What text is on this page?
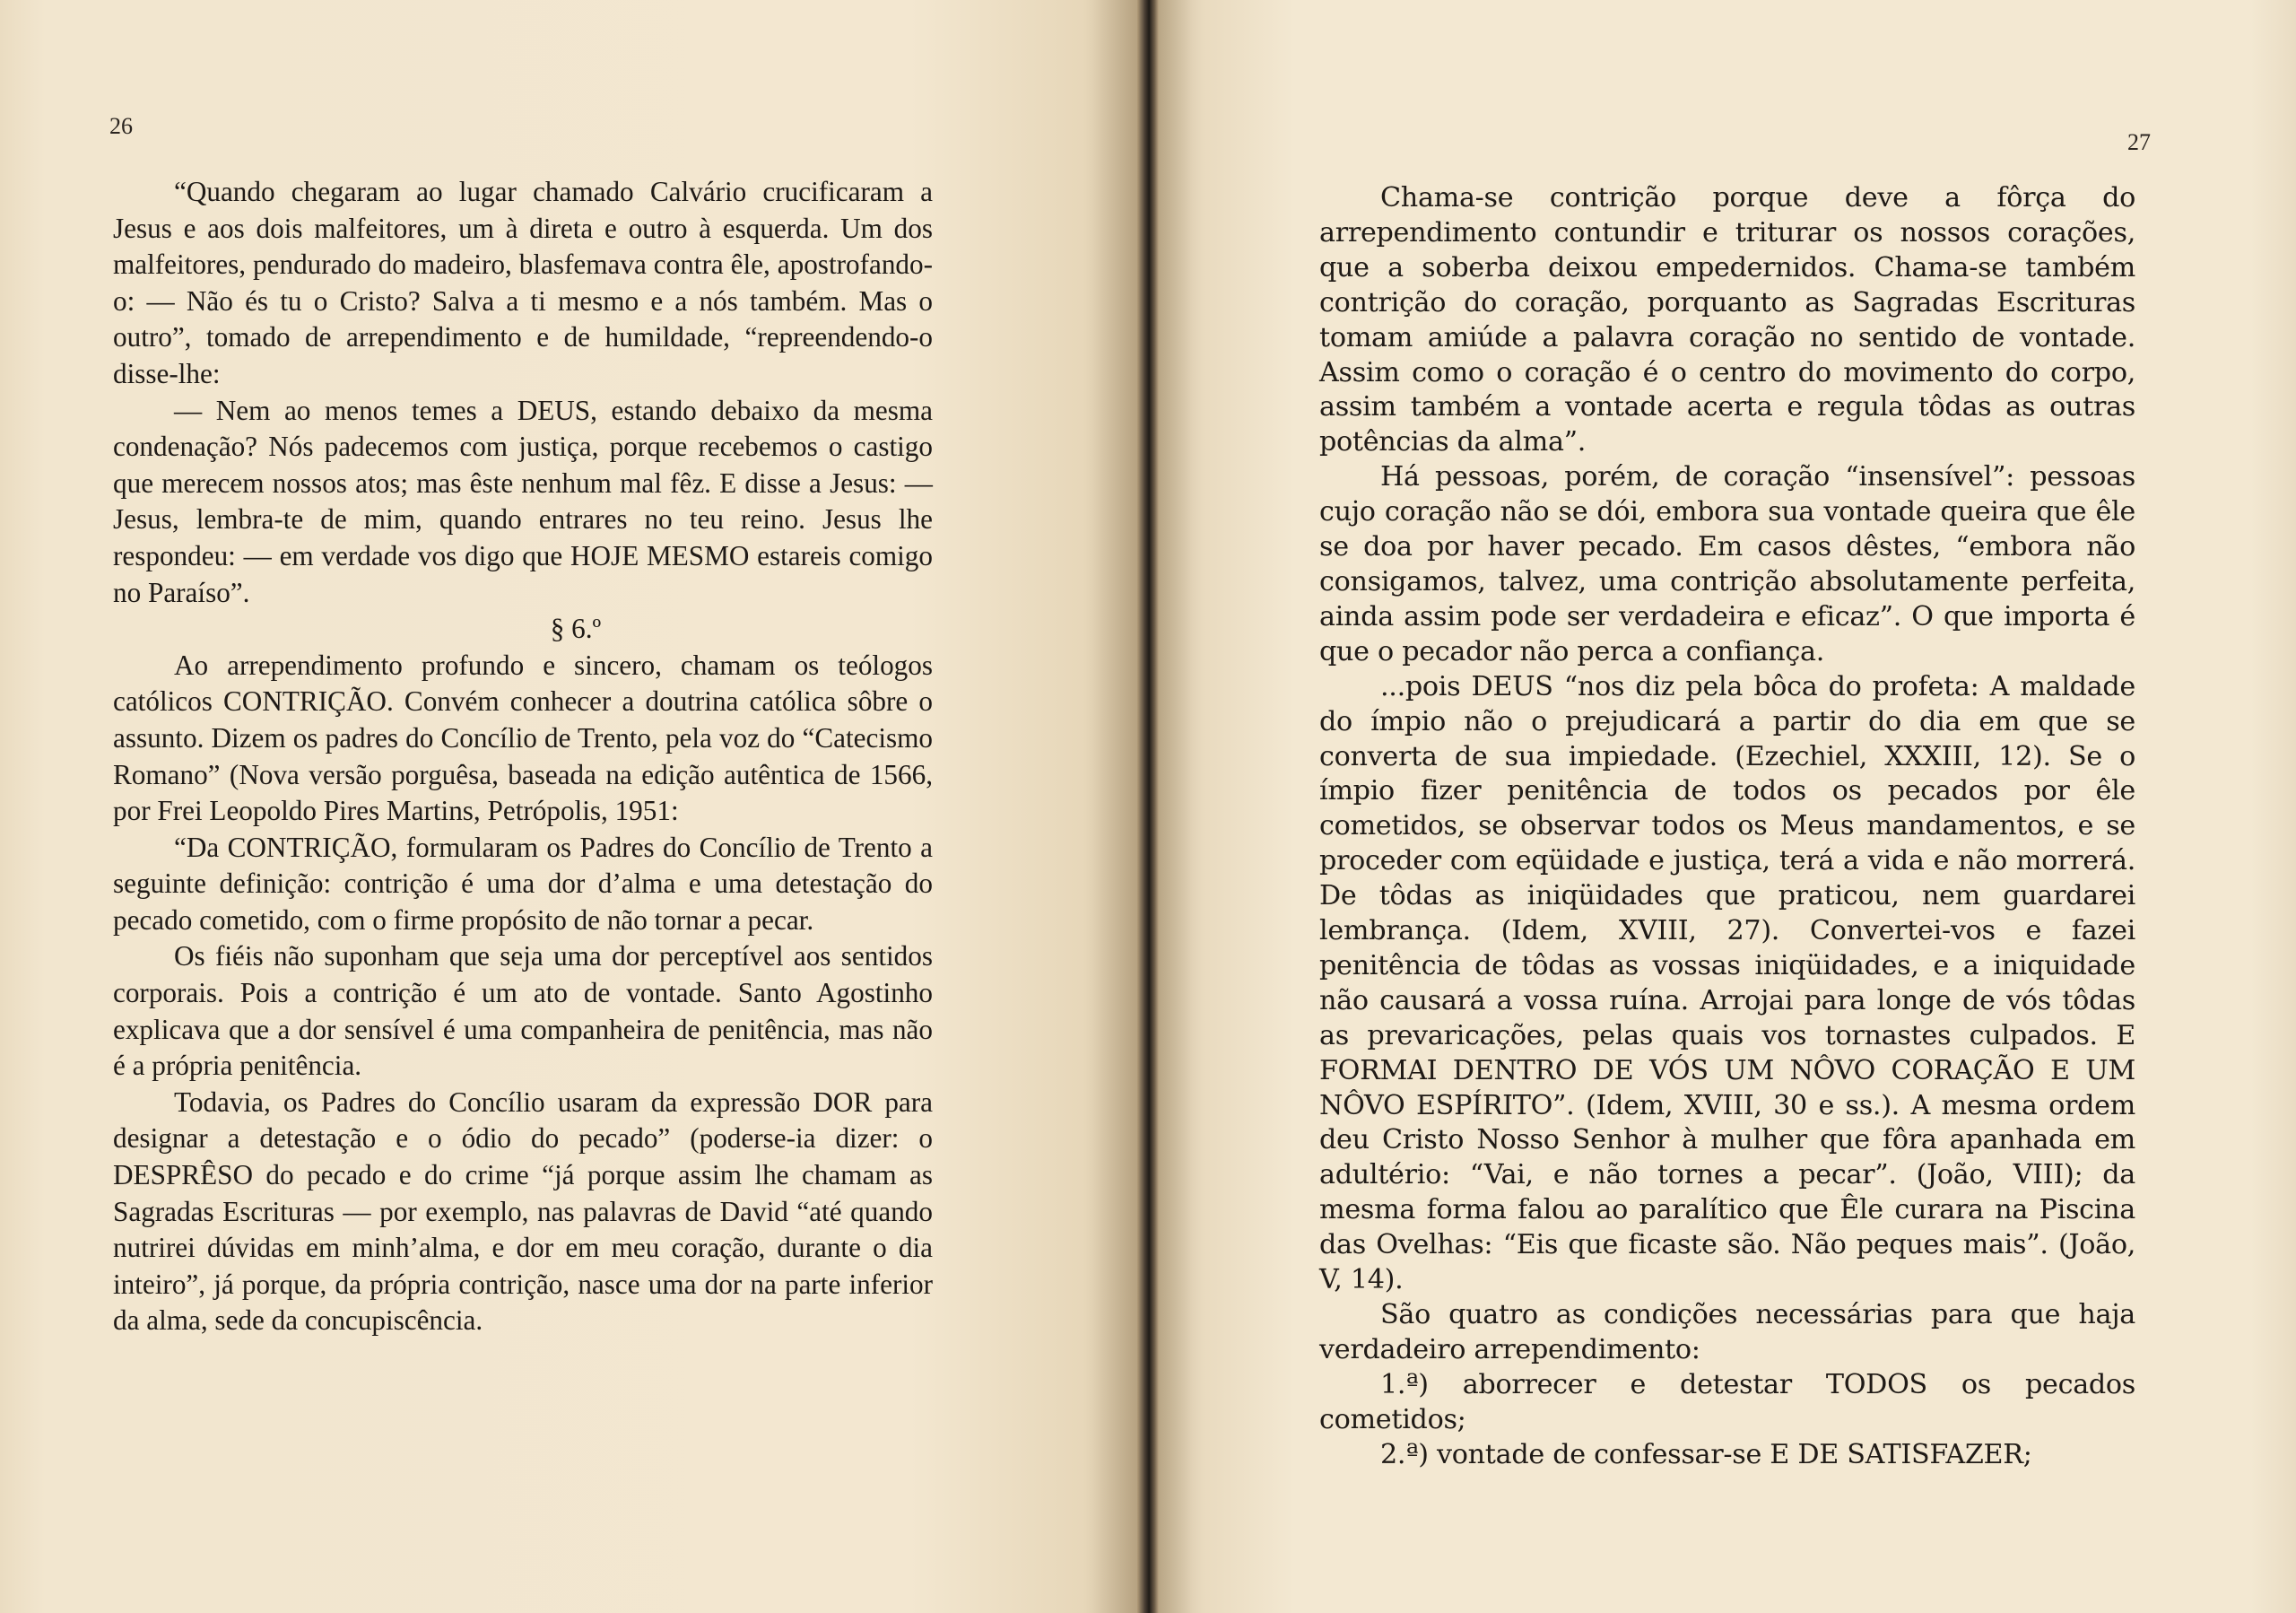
26

“Quando chegaram ao lugar chamado Calvário crucificaram a Jesus e aos dois malfeitores, um à direta e outro à esquerda. Um dos malfeitores, pendurado do madeiro, blasfemava contra êle, apostrofando-o: — Não és tu o Cristo? Salva a ti mesmo e a nós também. Mas o outro”, tomado de arrependimento e de humildade, “repreendendo-o disse-lhe:

— Nem ao menos temes a DEUS, estando debaixo da mesma condenação? Nós padecemos com justiça, porque recebemos o castigo que merecem nossos atos; mas êste nenhum mal fêz. E disse a Jesus: — Jesus, lembra-te de mim, quando entrares no teu reino. Jesus lhe respondeu: — em verdade vos digo que HOJE MESMO estareis comigo no Paraíso”.

§ 6.º

Ao arrependimento profundo e sincero, chamam os teólogos católicos CONTRIÇÃO. Convém conhecer a doutrina católica sôbre o assunto. Dizem os padres do Concílio de Trento, pela voz do “Catecismo Romano” (Nova versão porguêsa, baseada na edição autêntica de 1566, por Frei Leopoldo Pires Martins, Petrópolis, 1951:

“Da CONTRIÇÃO, formularam os Padres do Concílio de Trento a seguinte definição: contrição é uma dor d’alma e uma detestação do pecado cometido, com o firme propósito de não tornar a pecar.

Os fiéis não suponham que seja uma dor perceptível aos sentidos corporais. Pois a contrição é um ato de vontade. Santo Agostinho explicava que a dor sensível é uma companheira de penitência, mas não é a própria penitência.

Todavia, os Padres do Concílio usaram da expressão DOR para designar a detestação e o ódio do pecado” (poderse-ia dizer: o DESPRÊSO do pecado e do crime “já porque assim lhe chamam as Sagradas Escrituras — por exemplo, nas palavras de David “até quando nutrirei dúvidas em minh’alma, e dor em meu coração, durante o dia inteiro”, já porque, da própria contrição, nasce uma dor na parte inferior da alma, sede da concupiscência.

27

Chama-se contrição porque deve a fôrça do arrependimento contundir e triturar os nossos corações, que a soberba deixou empedernidos. Chama-se também contrição do coração, porquanto as Sagradas Escrituras tomam amiúde a palavra coração no sentido de vontade. Assim como o coração é o centro do movimento do corpo, assim também a vontade acerta e regula tôdas as outras potências da alma”.

Há pessoas, porém, de coração “insensível”: pessoas cujo coração não se dói, embora sua vontade queira que êle se doa por haver pecado. Em casos dêstes, “embora não consigamos, talvez, uma contrição absolutamente perfeita, ainda assim pode ser verdadeira e eficaz”. O que importa é que o pecador não perca a confiança.

...pois DEUS “nos diz pela bôca do profeta: A maldade do ímpio não o prejudicará a partir do dia em que se converta de sua impiedade. (Ezechiel, XXXIII, 12). Se o ímpio fizer penitência de todos os pecados por êle cometidos, se observar todos os Meus mandamentos, e se proceder com eqüidade e justiça, terá a vida e não morrerá. De tôdas as iniqüidades que praticou, nem guardarei lembrança. (Idem, XVIII, 27). Convertei-vos e fazei penitência de tôdas as vossas iniqüidades, e a iniquidade não causará a vossa ruína. Arrojai para longe de vós tôdas as prevaricações, pelas quais vos tornastes culpados. E FORMAI DENTRO DE VÓS UM NÔVO CORAÇÃO E UM NÔVO ESPÍRITO”. (Idem, XVIII, 30 e ss.). A mesma ordem deu Cristo Nosso Senhor à mulher que fôra apanhada em adultério: “Vai, e não tornes a pecar”. (João, VIII); da mesma forma falou ao paralítico que Êle curara na Piscina das Ovelhas: “Eis que ficaste são. Não peques mais”. (João, V, 14).

São quatro as condições necessárias para que haja verdadeiro arrependimento:

1.ª) aborrecer e detestar TODOS os pecados cometidos;

2.ª) vontade de confessar-se E DE SATISFAZER;
